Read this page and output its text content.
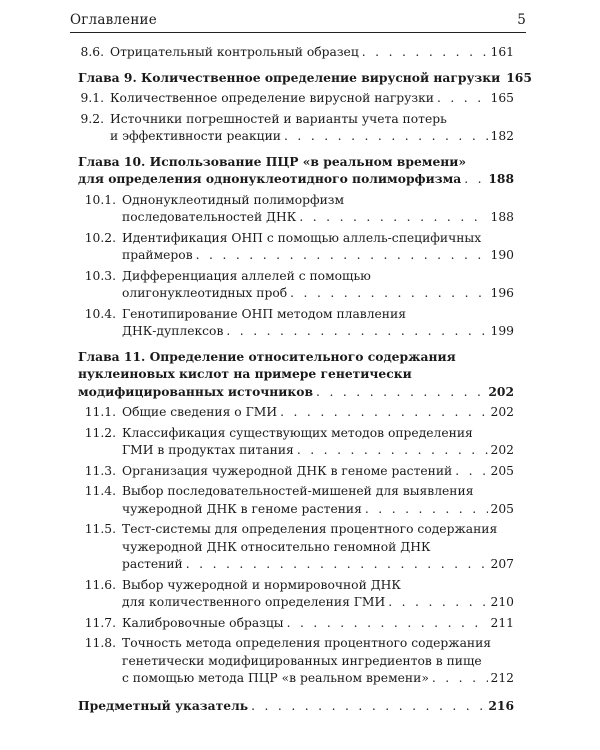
Оглавление	5
8.6. Отрицательный контрольный образец . . .	161
Глава 9. Количественное определение вирусной нагрузки 165
9.1. Количественное определение вирусной нагрузки . . .	165
9.2. Источники погрешностей и варианты учета потерь
и эффективности реакции . . .	182
Глава 10. Использование ПЦР «в реальном времени»
для определения однонуклеотидного полиморфизма . . . 188
10.1. Однонуклеотидный полиморфизм
последовательностей ДНК . . .	188
10.2. Идентификация ОНП с помощью аллель-специфичных
праймеров . . .	190
10.3. Дифференциация аллелей с помощью
олигонуклеотидных проб . . .	196
10.4. Генотипирование ОНП методом плавления
ДНК-дуплексов . . .	199
Глава 11. Определение относительного содержания
нуклеиновых кислот на примере генетически
модифицированных источников . . .	202
11.1. Общие сведения о ГМИ . . .	202
11.2. Классификация существующих методов определения
ГМИ в продуктах питания . . .	202
11.3. Организация чужеродной ДНК в геноме растений . . .	205
11.4. Выбор последовательностей-мишеней для выявления
чужеродной ДНК в геноме растения . . .	205
11.5. Тест-системы для определения процентного содержания
чужеродной ДНК относительно геномной ДНК
растений . . .	207
11.6. Выбор чужеродной и нормировочной ДНК
для количественного определения ГМИ . . .	210
11.7. Калибровочные образцы . . .	211
11.8. Точность метода определения процентного содержания
генетически модифицированных ингредиентов в пище
с помощью метода ПЦР «в реальном времени» . . .	212
Предметный указатель . . .	216
